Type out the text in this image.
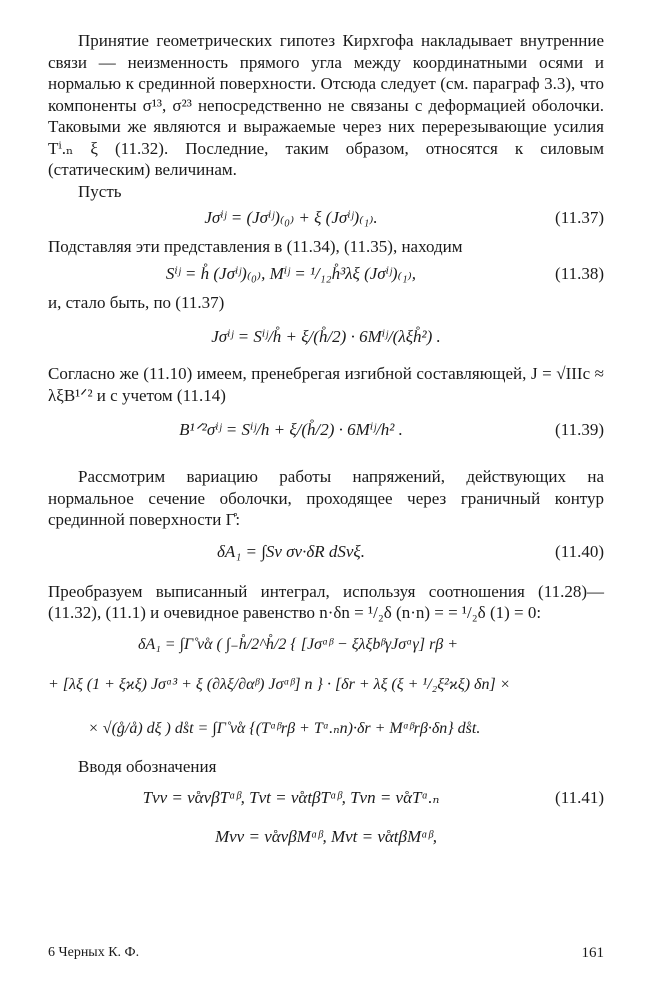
Принятие геометрических гипотез Кирхгофа накладывает внутренние связи — неизменность прямого угла между координатными осями и нормалью к срединной поверхности. Отсюда следует (см. параграф 3.3), что компоненты σ¹³, σ²³ непосредственно не связаны с деформацией оболочки. Таковыми же являются и выражаемые через них перерезывающие усилия Tⁱ.ₙ ξ (11.32). Последние, таким образом, относятся к силовым (статическим) величинам.

Пусть

Jσⁱʲ = (Jσⁱʲ)₍₀₎ + ξ (Jσⁱʲ)₍₁₎.	(11.37)

Подставляя эти представления в (11.34), (11.35), находим

Sⁱʲ = h̊ (Jσⁱʲ)₍₀₎, Mⁱʲ = ¹/₁₂h̊³λξ (Jσⁱʲ)₍₁₎,	(11.38)

и, стало быть, по (11.37)

Jσⁱʲ = Sⁱʲ/h̊ + ξ/(h̊/2) · 6Mⁱʲ/(λξh̊²) .

Согласно же (11.10) имеем, пренебрегая изгибной составляющей, J = √IIIc ≈ λξB¹ᐟ² и с учетом (11.14)

B¹ᐟ²σⁱʲ = Sⁱʲ/h + ξ/(h̊/2) · 6Mⁱʲ/h² .	(11.39)

Рассмотрим вариацию работы напряжений, действующих на нормальное сечение оболочки, проходящее через граничный контур срединной поверхности Γ̊:

δA₁ = ∫Sν σν·δR dSνξ.	(11.40)

Преобразуем выписанный интеграл, используя соотношения (11.28)—(11.32), (11.1) и очевидное равенство n·δn = ¹/₂δ (n·n) = = ¹/₂δ (1) = 0:

δA₁ = ∫Γ̊ ν̊α ( ∫₋h̊/2^h̊/2 { [Jσᵅᵝ − ξλξbᵝγJσᵅγ] rβ +
+ [λξ (1 + ξϰξ) Jσᵅ³ + ξ (∂λξ/∂αᵝ) Jσᵅᵝ] n } · [δr + λξ (ξ + ¹/₂ξ²ϰξ) δn] ×
× √(g̊/å) dξ ) ds̊t = ∫Γ̊ ν̊α {(Tᵅᵝrβ + Tᵅ.ₙn)·δr + Mᵅᵝrβ·δn} ds̊t.

Вводя обозначения

Tνν = ν̊ανβTᵅᵝ, Tνt = ν̊αtβTᵅᵝ, Tνn = ν̊αTᵅ.ₙ	(11.41)
Mνν = ν̊ανβMᵅᵝ, Mνt = ν̊αtβMᵅᵝ,
6 Черных К. Ф.	161
